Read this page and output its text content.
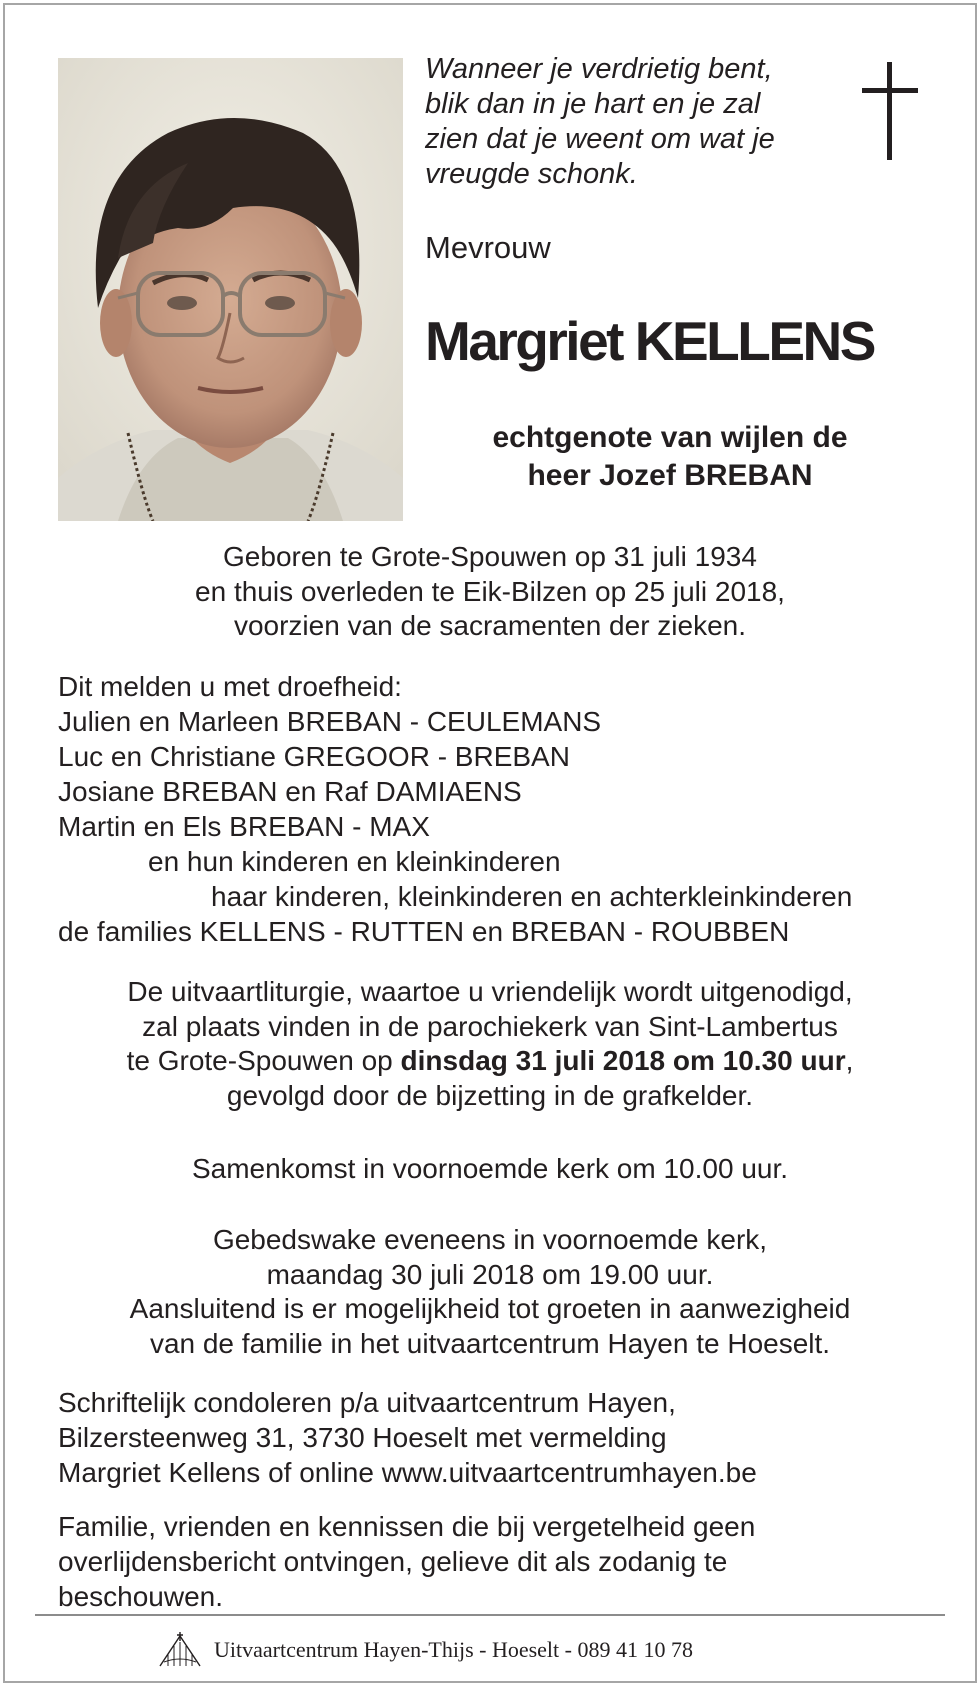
Wanneer je verdrietig bent,
blik dan in je hart en je zal
zien dat je weent om wat je
vreugde schonk.
Mevrouw
Margriet KELLENS
echtgenote van wijlen de
heer Jozef BREBAN
Geboren te Grote-Spouwen op 31 juli 1934
en thuis overleden te Eik-Bilzen op 25 juli 2018,
voorzien van de sacramenten der zieken.
Dit melden u met droefheid:
Julien en Marleen BREBAN - CEULEMANS
Luc en Christiane GREGOOR - BREBAN
Josiane BREBAN en Raf DAMIAENS
Martin en Els BREBAN - MAX
en hun kinderen en kleinkinderen
haar kinderen, kleinkinderen en achterkleinkinderen
de families KELLENS - RUTTEN en BREBAN - ROUBBEN
De uitvaartliturgie, waartoe u vriendelijk wordt uitgenodigd,
zal plaats vinden in de parochiekerk van Sint-Lambertus
te Grote-Spouwen op dinsdag 31 juli 2018 om 10.30 uur,
gevolgd door de bijzetting in de grafkelder.
Samenkomst in voornoemde kerk om 10.00 uur.
Gebedswake eveneens in voornoemde kerk,
maandag 30 juli 2018 om 19.00 uur.
Aansluitend is er mogelijkheid tot groeten in aanwezigheid
van de familie in het uitvaartcentrum Hayen te Hoeselt.
Schriftelijk condoleren p/a uitvaartcentrum Hayen,
Bilzersteenweg 31, 3730 Hoeselt met vermelding
Margriet Kellens of online www.uitvaartcentrumhayen.be
Familie, vrienden en kennissen die bij vergetelheid geen
overlijdensbericht ontvingen, gelieve dit als zodanig te
beschouwen.
Uitvaartcentrum Hayen-Thijs - Hoeselt - 089 41 10 78
